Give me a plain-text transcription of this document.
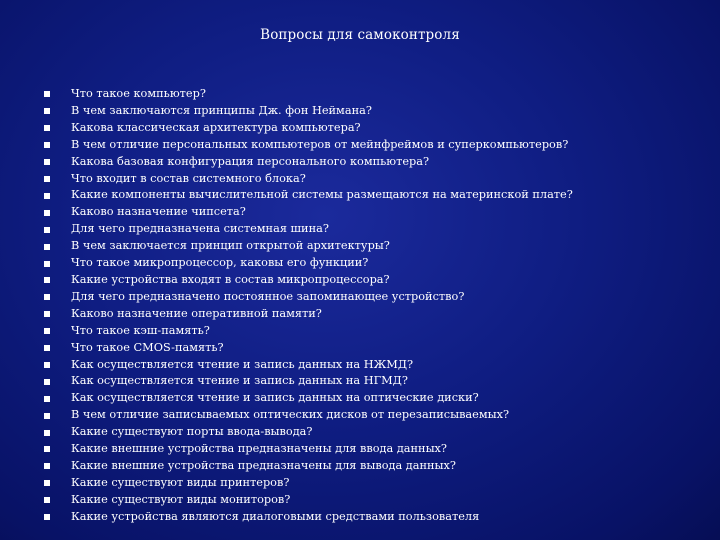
Вопросы для самоконтроля
Что такое компьютер?
В чем заключаются принципы Дж. фон Неймана?
Какова классическая архитектура компьютера?
В чем отличие персональных компьютеров от мейнфреймов и суперкомпьютеров?
Какова базовая конфигурация персонального компьютера?
Что входит в состав системного блока?
Какие компоненты вычислительной системы размещаются на материнской плате?
Каково назначение чипсета?
Для чего предназначена системная шина?
В чем заключается принцип открытой архитектуры?
Что такое микропроцессор, каковы его функции?
Какие устройства входят в состав микропроцессора?
Для чего предназначено постоянное запоминающее устройство?
Каково назначение оперативной памяти?
Что такое кэш-память?
Что такое CMOS-память?
Как осуществляется чтение и запись данных на НЖМД?
Как осуществляется чтение и запись данных на НГМД?
Как осуществляется чтение и запись данных на оптические диски?
В чем отличие записываемых оптических дисков от перезаписываемых?
Какие существуют порты ввода-вывода?
Какие внешние устройства предназначены для ввода данных?
Какие внешние устройства предназначены для вывода данных?
Какие существуют виды принтеров?
Какие существуют виды мониторов?
Какие устройства являются диалоговыми средствами пользователя
